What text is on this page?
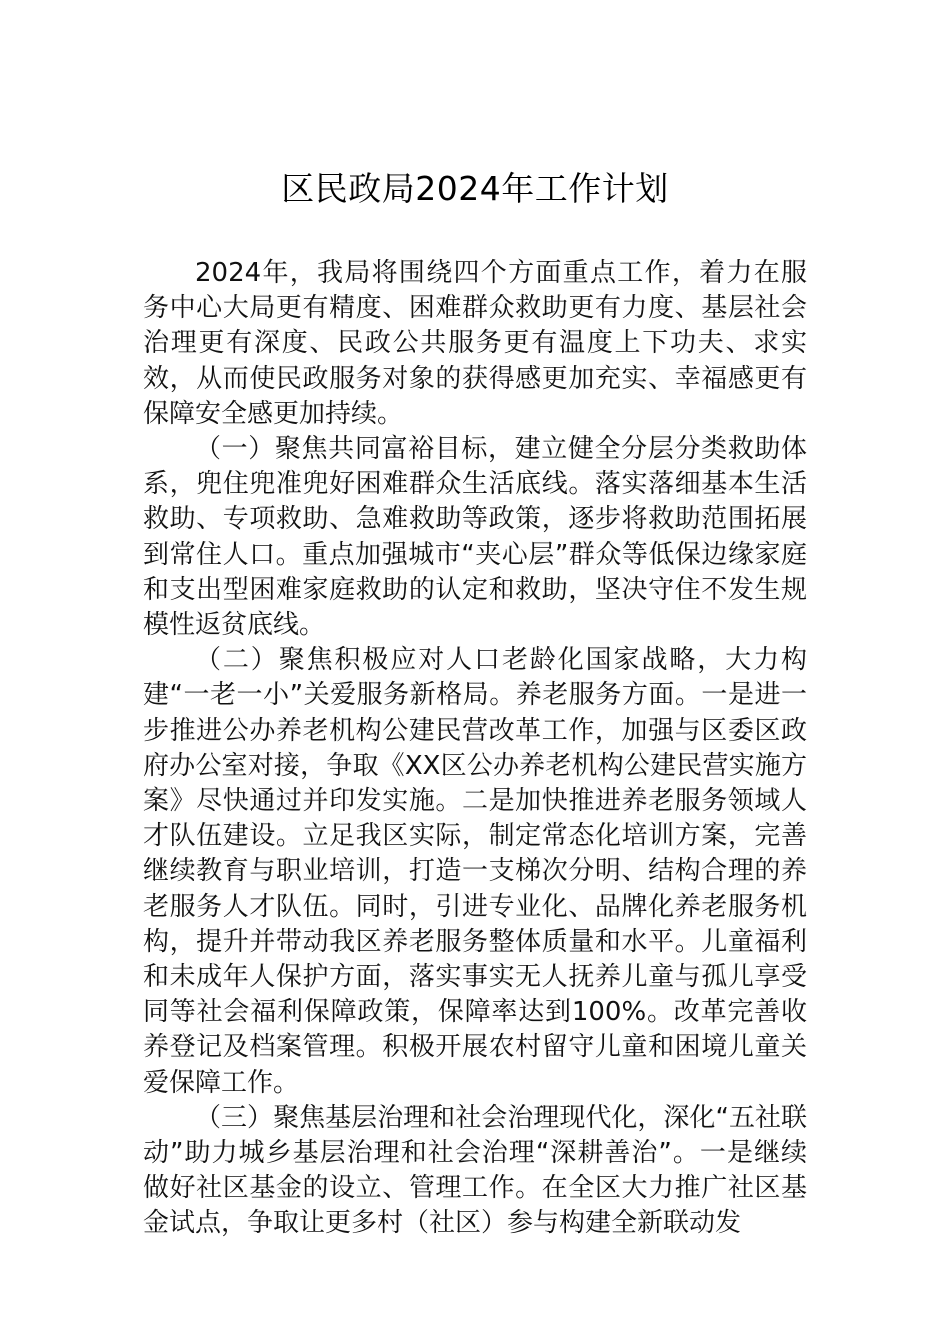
区民政局2024年工作计划

2024年，我局将围绕四个方面重点工作，着力在服务中心大局更有精度、困难群众救助更有力度、基层社会治理更有深度、民政公共服务更有温度上下功夫、求实效，从而使民政服务对象的获得感更加充实、幸福感更有保障安全感更加持续。

（一）聚焦共同富裕目标，建立健全分层分类救助体系，兜住兜准兜好困难群众生活底线。落实落细基本生活救助、专项救助、急难救助等政策，逐步将救助范围拓展到常住人口。重点加强城市“夹心层”群众等低保边缘家庭和支出型困难家庭救助的认定和救助，坚决守住不发生规模性返贫底线。

（二）聚焦积极应对人口老龄化国家战略，大力构建“一老一小”关爱服务新格局。养老服务方面。一是进一步推进公办养老机构公建民营改革工作，加强与区委区政府办公室对接，争取《XX区公办养老机构公建民营实施方案》尽快通过并印发实施。二是加快推进养老服务领域人才队伍建设。立足我区实际，制定常态化培训方案，完善继续教育与职业培训，打造一支梯次分明、结构合理的养老服务人才队伍。同时，引进专业化、品牌化养老服务机构，提升并带动我区养老服务整体质量和水平。儿童福利和未成年人保护方面，落实事实无人抚养儿童与孤儿享受同等社会福利保障政策，保障率达到100%。改革完善收养登记及档案管理。积极开展农村留守儿童和困境儿童关爱保障工作。

（三）聚焦基层治理和社会治理现代化，深化“五社联动”助力城乡基层治理和社会治理“深耕善治”。一是继续做好社区基金的设立、管理工作。在全区大力推广社区基金试点，争取让更多村（社区）参与构建全新联动发
